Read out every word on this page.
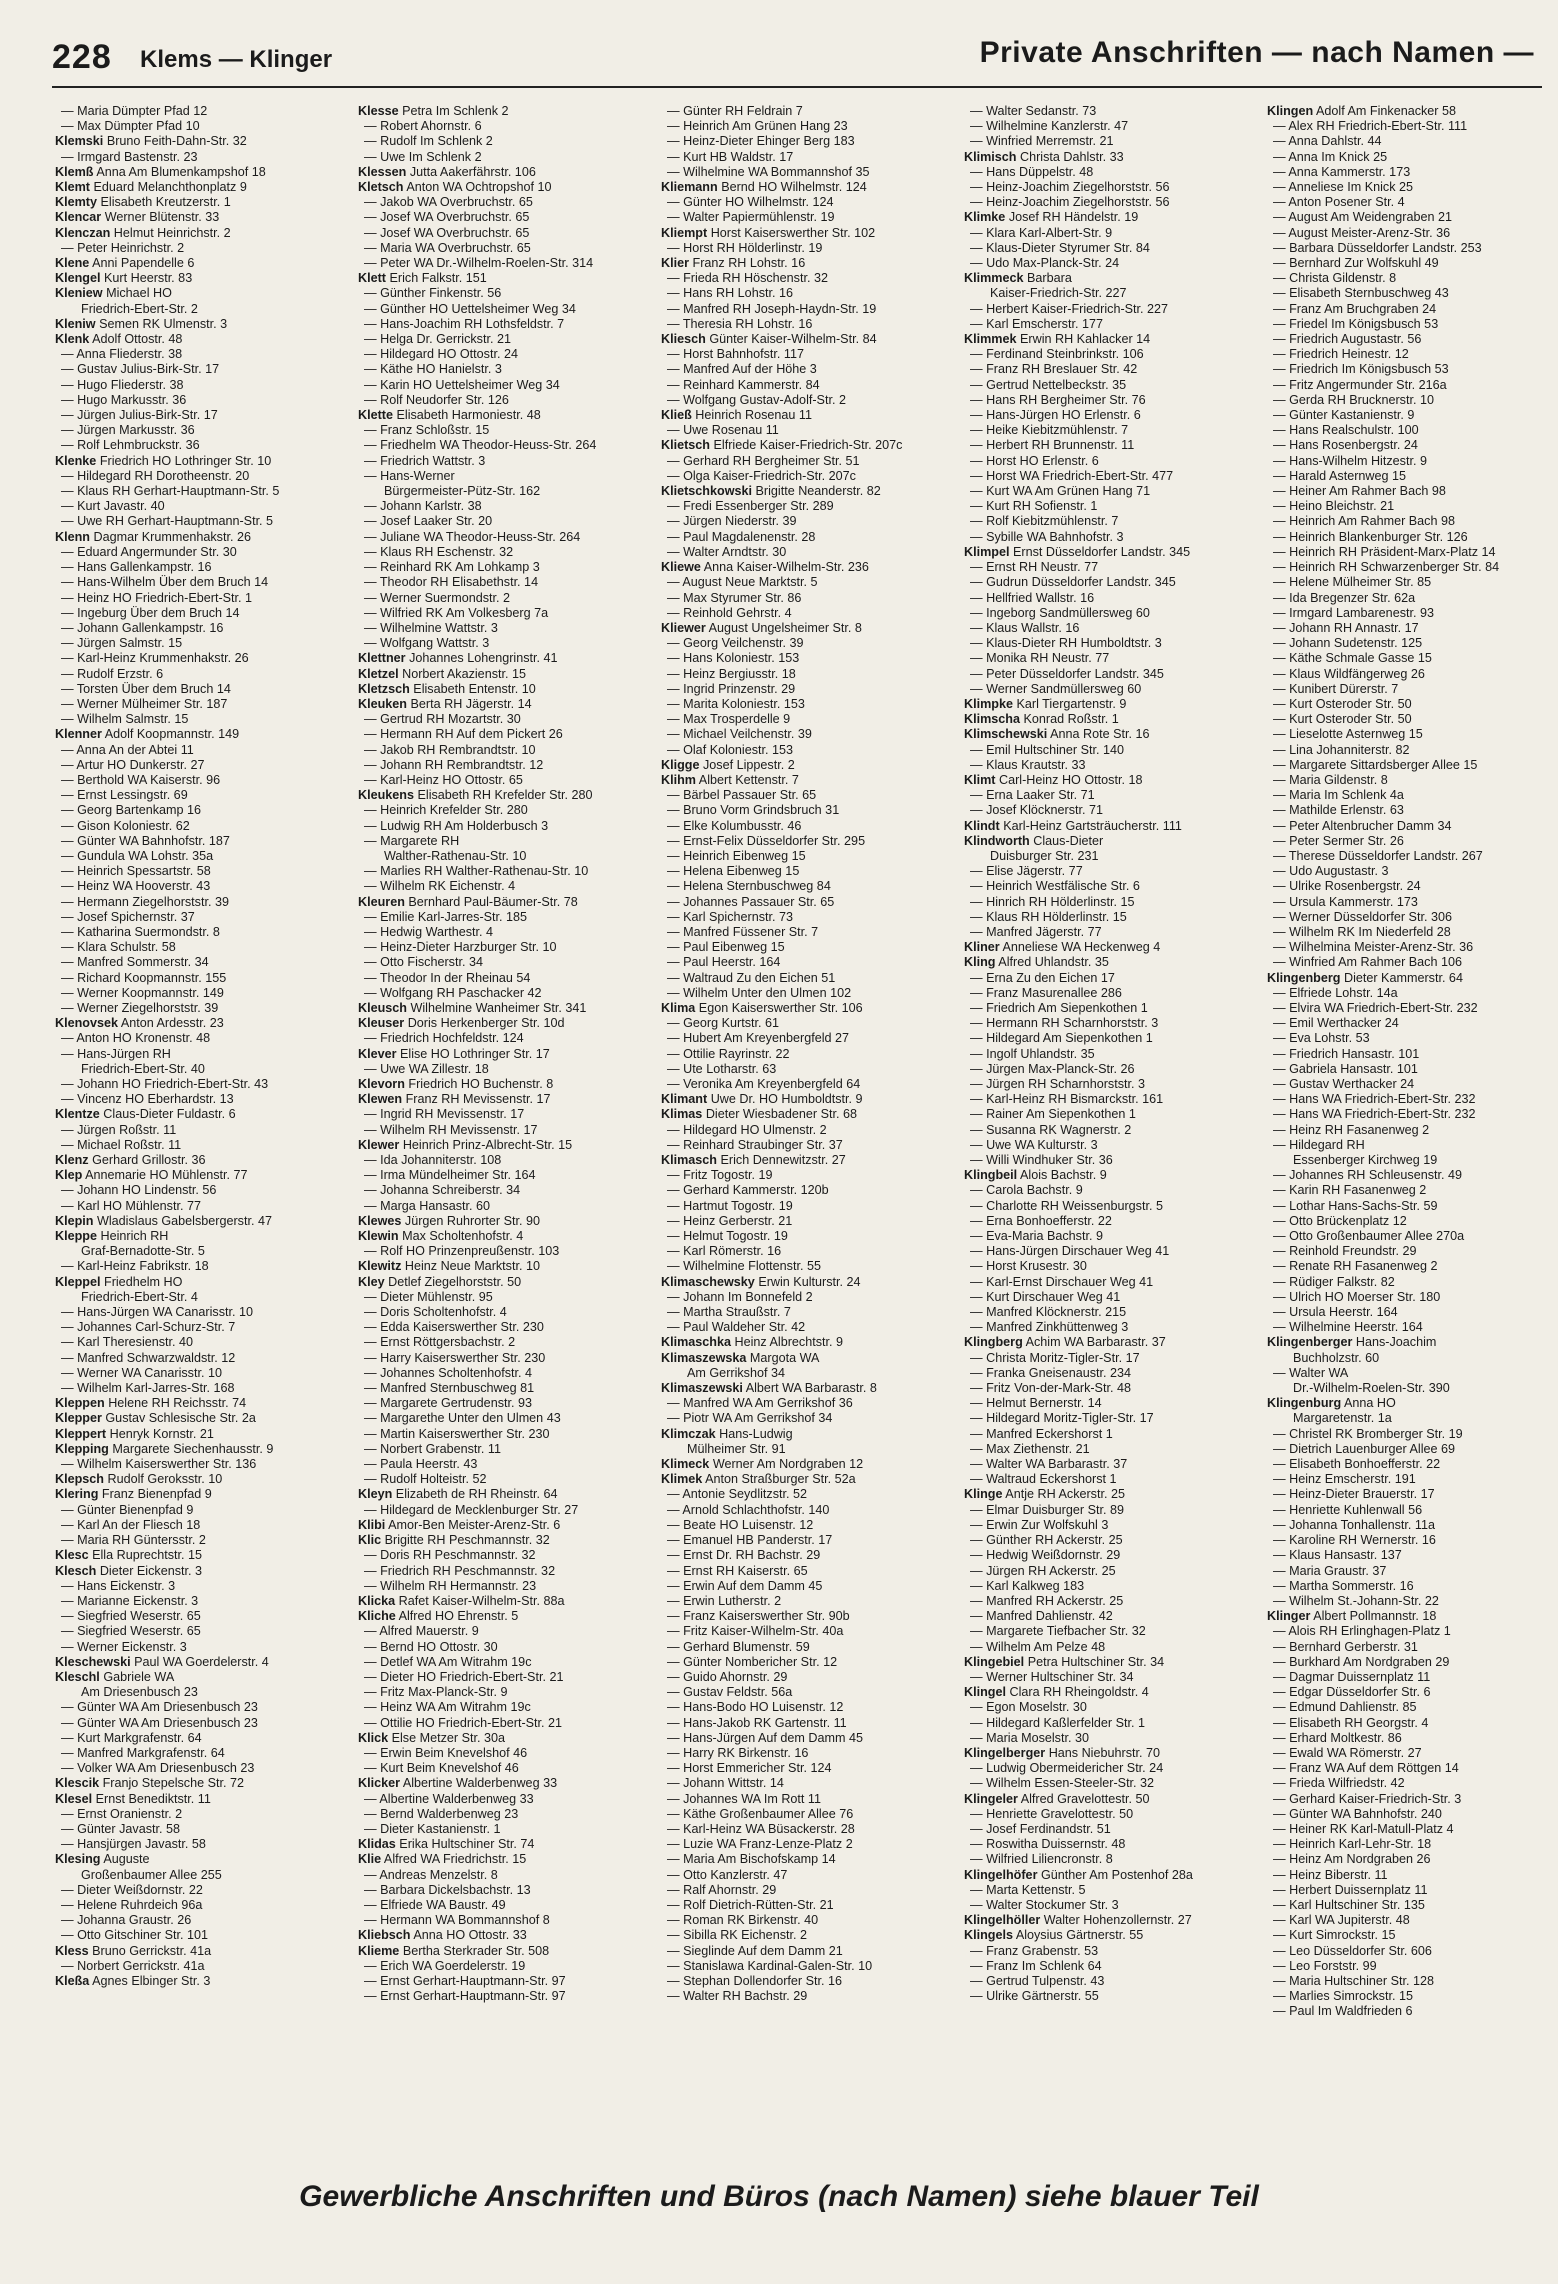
228 Klems — Klinger	Private Anschriften — nach Namen —
— Maria Dümpter Pfad 12
— Max Dümpter Pfad 10
Klemski Bruno Feith-Dahn-Str. 32
— Irmgard Bastenstr. 23
Klemß Anna Am Blumenkampshof 18
Klemt Eduard Melanchthonplatz 9
Klemty Elisabeth Kreutzerstr. 1
Klencar Werner Blütenstr. 33
Klenczan Helmut Heinrichstr. 2
— Peter Heinrichstr. 2
Klene Anni Papendelle 6
Klengel Kurt Heerstr. 83
Kleniew Michael HO
Friedrich-Ebert-Str. 2
Kleniw Semen RK Ulmenstr. 3
Klenk Adolf Ottostr. 48
— Anna Fliederstr. 38
— Gustav Julius-Birk-Str. 17
— Hugo Fliederstr. 38
— Hugo Markusstr. 36
— Jürgen Julius-Birk-Str. 17
— Jürgen Markusstr. 36
— Rolf Lehmbruckstr. 36
Klenke Friedrich HO Lothringer Str. 10
— Hildegard RH Dorotheenstr. 20
— Klaus RH Gerhart-Hauptmann-Str. 5
— Kurt Javastr. 40
— Uwe RH Gerhart-Hauptmann-Str. 5
Klenn Dagmar Krummenhakstr. 26
— Eduard Angermunder Str. 30
— Hans Gallenkampstr. 16
— Hans-Wilhelm Über dem Bruch 14
— Heinz HO Friedrich-Ebert-Str. 1
— Ingeburg Über dem Bruch 14
— Johann Gallenkampstr. 16
— Jürgen Salmstr. 15
— Karl-Heinz Krummenhakstr. 26
— Rudolf Erzstr. 6
— Torsten Über dem Bruch 14
— Werner Mülheimer Str. 187
— Wilhelm Salmstr. 15
Klenner Adolf Koopmannstr. 149
— Anna An der Abtei 11
— Artur HO Dunkerstr. 27
— Berthold WA Kaiserstr. 96
— Ernst Lessingstr. 69
— Georg Bartenkamp 16
— Gison Koloniestr. 62
— Günter WA Bahnhofstr. 187
— Gundula WA Lohstr. 35a
— Heinrich Spessartstr. 58
— Heinz WA Hooverstr. 43
— Hermann Ziegelhorststr. 39
— Josef Spichernstr. 37
— Katharina Suermondstr. 8
— Klara Schulstr. 58
— Manfred Sommerstr. 34
— Richard Koopmannstr. 155
— Werner Koopmannstr. 149
— Werner Ziegelhorststr. 39
Klenovsek Anton Ardesstr. 23
— Anton HO Kronenstr. 48
— Hans-Jürgen RH
Friedrich-Ebert-Str. 40
— Johann HO Friedrich-Ebert-Str. 43
— Vincenz HO Eberhardstr. 13
Klentze Claus-Dieter Fuldastr. 6
— Jürgen Roßstr. 11
— Michael Roßstr. 11
Klenz Gerhard Grillostr. 36
Klep Annemarie HO Mühlenstr. 77
— Johann HO Lindenstr. 56
— Karl HO Mühlenstr. 77
Klepin Wladislaus Gabelsbergerstr. 47
Kleppe Heinrich RH
Graf-Bernadotte-Str. 5
— Karl-Heinz Fabrikstr. 18
Kleppel Friedhelm HO
Friedrich-Ebert-Str. 4
— Hans-Jürgen WA Canarisstr. 10
— Johannes Carl-Schurz-Str. 7
— Karl Theresienstr. 40
— Manfred Schwarzwaldstr. 12
— Werner WA Canarisstr. 10
— Wilhelm Karl-Jarres-Str. 168
Kleppen Helene RH Reichsstr. 74
Klepper Gustav Schlesische Str. 2a
Kleppert Henryk Kornstr. 21
Klepping Margarete Siechenhausstr. 9
— Wilhelm Kaiserswerther Str. 136
Klepsch Rudolf Geroksstr. 10
Klering Franz Bienenpfad 9
— Günter Bienenpfad 9
— Karl An der Fliesch 18
— Maria RH Güntersstr. 2
Klesc Ella Ruprechtstr. 15
Klesch Dieter Eickenstr. 3
— Hans Eickenstr. 3
— Marianne Eickenstr. 3
— Siegfried Weserstr. 65
— Siegfried Weserstr. 65
— Werner Eickenstr. 3
Kleschewski Paul WA Goerdelerstr. 4
Kleschl Gabriele WA
Am Driesenbusch 23
— Günter WA Am Driesenbusch 23
— Günter WA Am Driesenbusch 23
— Kurt Markgrafenstr. 64
— Manfred Markgrafenstr. 64
— Volker WA Am Driesenbusch 23
Klescik Franjo Stepelsche Str. 72
Klesel Ernst Benediktstr. 11
— Ernst Oranienstr. 2
— Günter Javastr. 58
— Hansjürgen Javastr. 58
Klesing Auguste
Großenbaumer Allee 255
— Dieter Weißdornstr. 22
— Helene Ruhrdeich 96a
— Johanna Graustr. 26
— Otto Gitschiner Str. 101
Kless Bruno Gerrickstr. 41a
— Norbert Gerrickstr. 41a
Kleßa Agnes Elbinger Str. 3
Klesse Petra Im Schlenk 2
— Robert Ahornstr. 6
— Rudolf Im Schlenk 2
— Uwe Im Schlenk 2
Klessen Jutta Aakerfährstr. 106
Kletsch Anton WA Ochtropshof 10
— Jakob WA Overbruchstr. 65
— Josef WA Overbruchstr. 65
— Josef WA Overbruchstr. 65
— Maria WA Overbruchstr. 65
— Peter WA Dr.-Wilhelm-Roelen-Str. 314
Klett Erich Falkstr. 151
— Günther Finkenstr. 56
— Günther HO Uettelsheimer Weg 34
— Hans-Joachim RH Lothsfeldstr. 7
— Helga Dr. Gerrickstr. 21
— Hildegard HO Ottostr. 24
— Käthe HO Hanielstr. 3
— Karin HO Uettelsheimer Weg 34
— Rolf Neudorfer Str. 126
Klette Elisabeth Harmoniestr. 48
— Franz Schloßstr. 15
— Friedhelm WA Theodor-Heuss-Str. 264
— Friedrich Wattstr. 3
— Hans-Werner
Bürgermeister-Pütz-Str. 162
— Johann Karlstr. 38
— Josef Laaker Str. 20
— Juliane WA Theodor-Heuss-Str. 264
— Klaus RH Eschenstr. 32
— Reinhard RK Am Lohkamp 3
— Theodor RH Elisabethstr. 14
— Werner Suermondstr. 2
— Wilfried RK Am Volkesberg 7a
— Wilhelmine Wattstr. 3
— Wolfgang Wattstr. 3
Klettner Johannes Lohengrinstr. 41
Kletzel Norbert Akazienstr. 15
Kletzsch Elisabeth Entenstr. 10
Kleuken Berta RH Jägerstr. 14
— Gertrud RH Mozartstr. 30
— Hermann RH Auf dem Pickert 26
— Jakob RH Rembrandtstr. 10
— Johann RH Rembrandtstr. 12
— Karl-Heinz HO Ottostr. 65
Kleukens Elisabeth RH Krefelder Str. 280
— Heinrich Krefelder Str. 280
— Ludwig RH Am Holderbusch 3
— Margarete RH
Walther-Rathenau-Str. 10
— Marlies RH Walther-Rathenau-Str. 10
— Wilhelm RK Eichenstr. 4
Kleuren Bernhard Paul-Bäumer-Str. 78
— Emilie Karl-Jarres-Str. 185
— Hedwig Warthestr. 4
— Heinz-Dieter Harzburger Str. 10
— Otto Fischerstr. 34
— Theodor In der Rheinau 54
— Wolfgang RH Paschacker 42
Kleusch Wilhelmine Wanheimer Str. 341
Kleuser Doris Herkenberger Str. 10d
— Friedrich Hochfeldstr. 124
Klever Elise HO Lothringer Str. 17
— Uwe WA Zillestr. 18
Klevorn Friedrich HO Buchenstr. 8
Klewen Franz RH Mevissenstr. 17
— Ingrid RH Mevissenstr. 17
— Wilhelm RH Mevissenstr. 17
Klewer Heinrich Prinz-Albrecht-Str. 15
— Ida Johanniterstr. 108
— Irma Mündelheimer Str. 164
— Johanna Schreiberstr. 34
— Marga Hansastr. 60
Klewes Jürgen Ruhrorter Str. 90
Klewin Max Scholtenhofstr. 4
— Rolf HO Prinzenpreußenstr. 103
Klewitz Heinz Neue Marktstr. 10
Kley Detlef Ziegelhorststr. 50
— Dieter Mühlenstr. 95
— Doris Scholtenhofstr. 4
— Edda Kaiserswerther Str. 230
— Ernst Röttgersbachstr. 2
— Harry Kaiserswerther Str. 230
— Johannes Scholtenhofstr. 4
— Manfred Sternbuschweg 81
— Margarete Gertrudenstr. 93
— Margarethe Unter den Ulmen 43
— Martin Kaiserswerther Str. 230
— Norbert Grabenstr. 11
— Paula Heerstr. 43
— Rudolf Holteistr. 52
Kleyn Elizabeth de RH Rheinstr. 64
— Hildegard de Mecklenburger Str. 27
Klibi Amor-Ben Meister-Arenz-Str. 6
Klic Brigitte RH Peschmannstr. 32
— Doris RH Peschmannstr. 32
— Friedrich RH Peschmannstr. 32
— Wilhelm RH Hermannstr. 23
Klicka Rafet Kaiser-Wilhelm-Str. 88a
Kliche Alfred HO Ehrenstr. 5
— Alfred Mauerstr. 9
— Bernd HO Ottostr. 30
— Detlef WA Am Witrahm 19c
— Dieter HO Friedrich-Ebert-Str. 21
— Fritz Max-Planck-Str. 9
— Heinz WA Am Witrahm 19c
— Ottilie HO Friedrich-Ebert-Str. 21
Klick Else Metzer Str. 30a
— Erwin Beim Knevelshof 46
— Kurt Beim Knevelshof 46
Klicker Albertine Walderbenweg 33
— Albertine Walderbenweg 33
— Bernd Walderbenweg 23
— Dieter Kastanienstr. 1
Klidas Erika Hultschiner Str. 74
Klie Alfred WA Friedrichstr. 15
— Andreas Menzelstr. 8
— Barbara Dickelsbachstr. 13
— Elfriede WA Baustr. 49
— Hermann WA Bommannshof 8
Kliebsch Anna HO Ottostr. 33
Klieme Bertha Sterkrader Str. 508
— Erich WA Goerdelerstr. 19
— Ernst Gerhart-Hauptmann-Str. 97
— Ernst Gerhart-Hauptmann-Str. 97
— Günter RH Feldrain 7
— Heinrich Am Grünen Hang 23
— Heinz-Dieter Ehinger Berg 183
— Kurt HB Waldstr. 17
— Wilhelmine WA Bommannshof 35
Kliemann Bernd HO Wilhelmstr. 124
— Günter HO Wilhelmstr. 124
— Walter Papiermühlenstr. 19
Kliempt Horst Kaiserswerther Str. 102
— Horst RH Hölderlinstr. 19
Klier Franz RH Lohstr. 16
— Frieda RH Höschenstr. 32
— Hans RH Lohstr. 16
— Manfred RH Joseph-Haydn-Str. 19
— Theresia RH Lohstr. 16
Kliesch Günter Kaiser-Wilhelm-Str. 84
— Horst Bahnhofstr. 117
— Manfred Auf der Höhe 3
— Reinhard Kammerstr. 84
— Wolfgang Gustav-Adolf-Str. 2
Kließ Heinrich Rosenau 11
— Uwe Rosenau 11
Klietsch Elfriede Kaiser-Friedrich-Str. 207c
— Gerhard RH Bergheimer Str. 51
— Olga Kaiser-Friedrich-Str. 207c
Klietschkowski Brigitte Neanderstr. 82
— Fredi Essenberger Str. 289
— Jürgen Niederstr. 39
— Paul Magdalenenstr. 28
— Walter Arndtstr. 30
Kliewe Anna Kaiser-Wilhelm-Str. 236
— August Neue Marktstr. 5
— Max Styrumer Str. 86
— Reinhold Gehrstr. 4
Kliewer August Ungelsheimer Str. 8
— Georg Veilchenstr. 39
— Hans Koloniestr. 153
— Heinz Bergiusstr. 18
— Ingrid Prinzenstr. 29
— Marita Koloniestr. 153
— Max Trosperdelle 9
— Michael Veilchenstr. 39
— Olaf Koloniestr. 153
Kligge Josef Lippestr. 2
Klihm Albert Kettenstr. 7
— Bärbel Passauer Str. 65
— Bruno Vorm Grindsbruch 31
— Elke Kolumbusstr. 46
— Ernst-Felix Düsseldorfer Str. 295
— Heinrich Eibenweg 15
— Helena Eibenweg 15
— Helena Sternbuschweg 84
— Johannes Passauer Str. 65
— Karl Spichernstr. 73
— Manfred Füssener Str. 7
— Paul Eibenweg 15
— Paul Heerstr. 164
— Waltraud Zu den Eichen 51
— Wilhelm Unter den Ulmen 102
Klima Egon Kaiserswerther Str. 106
— Georg Kurtstr. 61
— Hubert Am Kreyenbergfeld 27
— Ottilie Rayrinstr. 22
— Ute Lotharstr. 63
— Veronika Am Kreyenbergfeld 64
Klimant Uwe Dr. HO Humboldtstr. 9
Klimas Dieter Wiesbadener Str. 68
— Hildegard HO Ulmenstr. 2
— Reinhard Straubinger Str. 37
Klimasch Erich Dennewitzstr. 27
— Fritz Togostr. 19
— Gerhard Kammerstr. 120b
— Hartmut Togostr. 19
— Heinz Gerberstr. 21
— Helmut Togostr. 19
— Karl Römerstr. 16
— Wilhelmine Flottenstr. 55
Klimaschewsky Erwin Kulturstr. 24
— Johann Im Bonnefeld 2
— Martha Straußstr. 7
— Paul Waldeher Str. 42
Klimaschka Heinz Albrechtstr. 9
Klimaszewska Margota WA
Am Gerrikshof 34
Klimaszewski Albert WA Barbarastr. 8
— Manfred WA Am Gerrikshof 36
— Piotr WA Am Gerrikshof 34
Klimczak Hans-Ludwig
Mülheimer Str. 91
Klimeck Werner Am Nordgraben 12
Klimek Anton Straßburger Str. 52a
— Antonie Seydlitzstr. 52
— Arnold Schlachthofstr. 140
— Beate HO Luisenstr. 12
— Emanuel HB Panderstr. 17
— Ernst Dr. RH Bachstr. 29
— Ernst RH Kaiserstr. 65
— Erwin Auf dem Damm 45
— Erwin Lutherstr. 2
— Franz Kaiserswerther Str. 90b
— Fritz Kaiser-Wilhelm-Str. 40a
— Gerhard Blumenstr. 59
— Günter Nombericher Str. 12
— Guido Ahornstr. 29
— Gustav Feldstr. 56a
— Hans-Bodo HO Luisenstr. 12
— Hans-Jakob RK Gartenstr. 11
— Hans-Jürgen Auf dem Damm 45
— Harry RK Birkenstr. 16
— Horst Emmericher Str. 124
— Johann Wittstr. 14
— Johannes WA Im Rott 11
— Käthe Großenbaumer Allee 76
— Karl-Heinz WA Büsackerstr. 28
— Luzie WA Franz-Lenze-Platz 2
— Maria Am Bischofskamp 14
— Otto Kanzlerstr. 47
— Ralf Ahornstr. 29
— Rolf Dietrich-Rütten-Str. 21
— Roman RK Birkenstr. 40
— Sibilla RK Eichenstr. 2
— Sieglinde Auf dem Damm 21
— Stanislawa Kardinal-Galen-Str. 10
— Stephan Dollendorfer Str. 16
— Walter RH Bachstr. 29
— Walter Sedanstr. 73
— Wilhelmine Kanzlerstr. 47
— Winfried Merremstr. 21
Klimisch Christa Dahlstr. 33
— Hans Düppelstr. 48
— Heinz-Joachim Ziegelhorststr. 56
— Heinz-Joachim Ziegelhorststr. 56
Klimke Josef RH Händelstr. 19
— Klara Karl-Albert-Str. 9
— Klaus-Dieter Styrumer Str. 84
— Udo Max-Planck-Str. 24
Klimmeck Barbara
Kaiser-Friedrich-Str. 227
— Herbert Kaiser-Friedrich-Str. 227
— Karl Emscherstr. 177
Klimmek Erwin RH Kahlacker 14
— Ferdinand Steinbrinkstr. 106
— Franz RH Breslauer Str. 42
— Gertrud Nettelbeckstr. 35
— Hans RH Bergheimer Str. 76
— Hans-Jürgen HO Erlenstr. 6
— Heike Kiebitzmühlenstr. 7
— Herbert RH Brunnenstr. 11
— Horst HO Erlenstr. 6
— Horst WA Friedrich-Ebert-Str. 477
— Kurt WA Am Grünen Hang 71
— Kurt RH Sofienstr. 1
— Rolf Kiebitzmühlenstr. 7
— Sybille WA Bahnhofstr. 3
Klimpel Ernst Düsseldorfer Landstr. 345
— Ernst RH Neustr. 77
— Gudrun Düsseldorfer Landstr. 345
— Hellfried Wallstr. 16
— Ingeborg Sandmüllersweg 60
— Klaus Wallstr. 16
— Klaus-Dieter RH Humboldtstr. 3
— Monika RH Neustr. 77
— Peter Düsseldorfer Landstr. 345
— Werner Sandmüllersweg 60
Klimpke Karl Tiergartenstr. 9
Klimscha Konrad Roßstr. 1
Klimschewski Anna Rote Str. 16
— Emil Hultschiner Str. 140
— Klaus Krautstr. 33
Klimt Carl-Heinz HO Ottostr. 18
— Erna Laaker Str. 71
— Josef Klöcknerstr. 71
Klindt Karl-Heinz Gartsträucherstr. 111
Klindworth Claus-Dieter
Duisburger Str. 231
— Elise Jägerstr. 77
— Heinrich Westfälische Str. 6
— Hinrich RH Hölderlinstr. 15
— Klaus RH Hölderlinstr. 15
— Manfred Jägerstr. 77
Kliner Anneliese WA Heckenweg 4
Kling Alfred Uhlandstr. 35
— Erna Zu den Eichen 17
— Franz Masurenallee 286
— Friedrich Am Siepenkothen 1
— Hermann RH Scharnhorststr. 3
— Hildegard Am Siepenkothen 1
— Ingolf Uhlandstr. 35
— Jürgen Max-Planck-Str. 26
— Jürgen RH Scharnhorststr. 3
— Karl-Heinz RH Bismarckstr. 161
— Rainer Am Siepenkothen 1
— Susanna RK Wagnerstr. 2
— Uwe WA Kulturstr. 3
— Willi Windhuker Str. 36
Klingbeil Alois Bachstr. 9
— Carola Bachstr. 9
— Charlotte RH Weissenburgstr. 5
— Erna Bonhoefferstr. 22
— Eva-Maria Bachstr. 9
— Hans-Jürgen Dirschauer Weg 41
— Horst Krusestr. 30
— Karl-Ernst Dirschauer Weg 41
— Kurt Dirschauer Weg 41
— Manfred Klöcknerstr. 215
— Manfred Zinkhüttenweg 3
Klingberg Achim WA Barbarastr. 37
— Christa Moritz-Tigler-Str. 17
— Franka Gneisenaustr. 234
— Fritz Von-der-Mark-Str. 48
— Helmut Bernerstr. 14
— Hildegard Moritz-Tigler-Str. 17
— Manfred Eckershorst 1
— Max Ziethenstr. 21
— Walter WA Barbarastr. 37
— Waltraud Eckershorst 1
Klinge Antje RH Ackerstr. 25
— Elmar Duisburger Str. 89
— Erwin Zur Wolfskuhl 3
— Günther RH Ackerstr. 25
— Hedwig Weißdornstr. 29
— Jürgen RH Ackerstr. 25
— Karl Kalkweg 183
— Manfred RH Ackerstr. 25
— Manfred Dahlienstr. 42
— Margarete Tiefbacher Str. 32
— Wilhelm Am Pelze 48
Klingebiel Petra Hultschiner Str. 34
— Werner Hultschiner Str. 34
Klingel Clara RH Rheingoldstr. 4
— Egon Moselstr. 30
— Hildegard Kaßlerfelder Str. 1
— Maria Moselstr. 30
Klingelberger Hans Niebuhrstr. 70
— Ludwig Obermeidericher Str. 24
— Wilhelm Essen-Steeler-Str. 32
Klingeler Alfred Gravelottestr. 50
— Henriette Gravelottestr. 50
— Josef Ferdinandstr. 51
— Roswitha Duissernstr. 48
— Wilfried Liliencronstr. 8
Klingelhöfer Günther Am Postenhof 28a
— Marta Kettenstr. 5
— Walter Stockumer Str. 3
Klingelhöller Walter Hohenzollernstr. 27
Klingels Aloysius Gärtnerstr. 55
— Franz Grabenstr. 53
— Franz Im Schlenk 64
— Gertrud Tulpenstr. 43
— Ulrike Gärtnerstr. 55
Klingen Adolf Am Finkenacker 58
— Alex RH Friedrich-Ebert-Str. 111
— Anna Dahlstr. 44
— Anna Im Knick 25
— Anna Kammerstr. 173
— Anneliese Im Knick 25
— Anton Posener Str. 4
— August Am Weidengraben 21
— August Meister-Arenz-Str. 36
— Barbara Düsseldorfer Landstr. 253
— Bernhard Zur Wolfskuhl 49
— Christa Gildenstr. 8
— Elisabeth Sternbuschweg 43
— Franz Am Bruchgraben 24
— Friedel Im Königsbusch 53
— Friedrich Augustastr. 56
— Friedrich Heinestr. 12
— Friedrich Im Königsbusch 53
— Fritz Angermunder Str. 216a
— Gerda RH Brucknerstr. 10
— Günter Kastanienstr. 9
— Hans Realschulstr. 100
— Hans Rosenbergstr. 24
— Hans-Wilhelm Hitzestr. 9
— Harald Asternweg 15
— Heiner Am Rahmer Bach 98
— Heino Bleichstr. 21
— Heinrich Am Rahmer Bach 98
— Heinrich Blankenburger Str. 126
— Heinrich RH Präsident-Marx-Platz 14
— Heinrich RH Schwarzenberger Str. 84
— Helene Mülheimer Str. 85
— Ida Bregenzer Str. 62a
— Irmgard Lambarenestr. 93
— Johann RH Annastr. 17
— Johann Sudetenstr. 125
— Käthe Schmale Gasse 15
— Klaus Wildfängerweg 26
— Kunibert Dürerstr. 7
— Kurt Osteroder Str. 50
— Kurt Osteroder Str. 50
— Lieselotte Asternweg 15
— Lina Johanniterstr. 82
— Margarete Sittardsberger Allee 15
— Maria Gildenstr. 8
— Maria Im Schlenk 4a
— Mathilde Erlenstr. 63
— Peter Altenbrucher Damm 34
— Peter Sermer Str. 26
— Therese Düsseldorfer Landstr. 267
— Udo Augustastr. 3
— Ulrike Rosenbergstr. 24
— Ursula Kammerstr. 173
— Werner Düsseldorfer Str. 306
— Wilhelm RK Im Niederfeld 28
— Wilhelmina Meister-Arenz-Str. 36
— Winfried Am Rahmer Bach 106
Klingenberg Dieter Kammerstr. 64
— Elfriede Lohstr. 14a
— Elvira WA Friedrich-Ebert-Str. 232
— Emil Werthacker 24
— Eva Lohstr. 53
— Friedrich Hansastr. 101
— Gabriela Hansastr. 101
— Gustav Werthacker 24
— Hans WA Friedrich-Ebert-Str. 232
— Hans WA Friedrich-Ebert-Str. 232
— Heinz RH Fasanenweg 2
— Hildegard RH
Essenberger Kirchweg 19
— Johannes RH Schleusenstr. 49
— Karin RH Fasanenweg 2
— Lothar Hans-Sachs-Str. 59
— Otto Brückenplatz 12
— Otto Großenbaumer Allee 270a
— Reinhold Freundstr. 29
— Renate RH Fasanenweg 2
— Rüdiger Falkstr. 82
— Ulrich HO Moerser Str. 180
— Ursula Heerstr. 164
— Wilhelmine Heerstr. 164
Klingenberger Hans-Joachim
Buchholzstr. 60
— Walter WA
Dr.-Wilhelm-Roelen-Str. 390
Klingenburg Anna HO
Margaretenstr. 1a
— Christel RK Bromberger Str. 19
— Dietrich Lauenburger Allee 69
— Elisabeth Bonhoefferstr. 22
— Heinz Emscherstr. 191
— Heinz-Dieter Brauerstr. 17
— Henriette Kuhlenwall 56
— Johanna Tonhallenstr. 11a
— Karoline RH Wernerstr. 16
— Klaus Hansastr. 137
— Maria Graustr. 37
— Martha Sommerstr. 16
— Wilhelm St.-Johann-Str. 22
Klinger Albert Pollmannstr. 18
— Alois RH Erlinghagen-Platz 1
— Bernhard Gerberstr. 31
— Burkhard Am Nordgraben 29
— Dagmar Duissernplatz 11
— Edgar Düsseldorfer Str. 6
— Edmund Dahlienstr. 85
— Elisabeth RH Georgstr. 4
— Erhard Moltkestr. 86
— Ewald WA Römerstr. 27
— Franz WA Auf dem Röttgen 14
— Frieda Wilfriedstr. 42
— Gerhard Kaiser-Friedrich-Str. 3
— Günter WA Bahnhofstr. 240
— Heiner RK Karl-Matull-Platz 4
— Heinrich Karl-Lehr-Str. 18
— Heinz Am Nordgraben 26
— Heinz Biberstr. 11
— Herbert Duissernplatz 11
— Karl Hultschiner Str. 135
— Karl WA Jupiterstr. 48
— Kurt Simrockstr. 15
— Leo Düsseldorfer Str. 606
— Leo Forststr. 99
— Maria Hultschiner Str. 128
— Marlies Simrockstr. 15
— Paul Im Waldfrieden 6
Gewerbliche Anschriften und Büros (nach Namen) siehe blauer Teil
